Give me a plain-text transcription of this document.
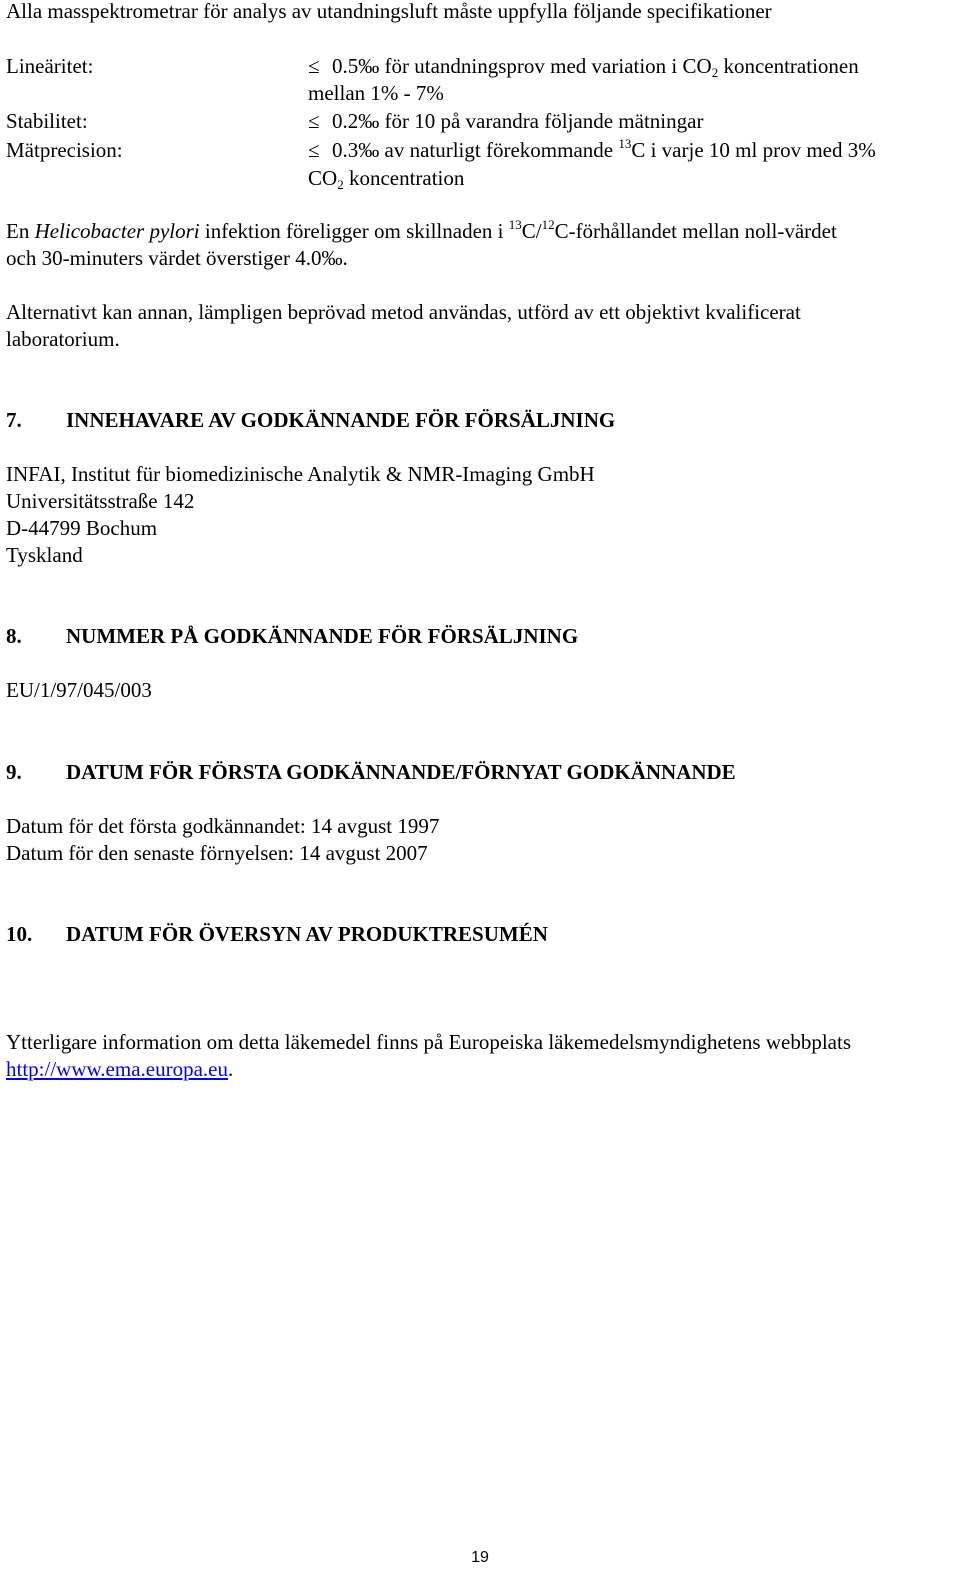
Alla masspektrometrar för analys av utandningsluft måste uppfylla följande specifikationer
Lineäritet:	≤ 0.5‰ för utandningsprov med variation i $CO_2$ koncentrationen
mellan 1% - 7%
Stabilitet:	≤ 0.2‰ för 10 på varandra följande mätningar
Mätprecision:	≤ 0.3‰ av naturligt förekommande $^{13}$C i varje 10 ml prov med 3%
$CO_2$ koncentration
En Helicobacter pylori infektion föreligger om skillnaden i $^{13}$C/$^{12}$C-förhållandet mellan noll-värdet
och 30-minuters värdet överstiger 4.0‰.
Alternativt kan annan, lämpligen beprövad metod användas, utförd av ett objektivt kvalificerat
laboratorium.
7. INNEHAVARE AV GODKÄNNANDE FÖR FÖRSÄLJNING
INFAI, Institut für biomedizinische Analytik & NMR-Imaging GmbH
Universitätsstraße 142
D-44799 Bochum
Tyskland
8. NUMMER PÅ GODKÄNNANDE FÖR FÖRSÄLJNING
EU/1/97/045/003
9. DATUM FÖR FÖRSTA GODKÄNNANDE/FÖRNYAT GODKÄNNANDE
Datum för det första godkännandet: 14 avgust 1997
Datum för den senaste förnyelsen: 14 avgust 2007
10. DATUM FÖR ÖVERSYN AV PRODUKTRESUMÉN
Ytterligare information om detta läkemedel finns på Europeiska läkemedelsmyndighetens webbplats
http://www.ema.europa.eu.
19
